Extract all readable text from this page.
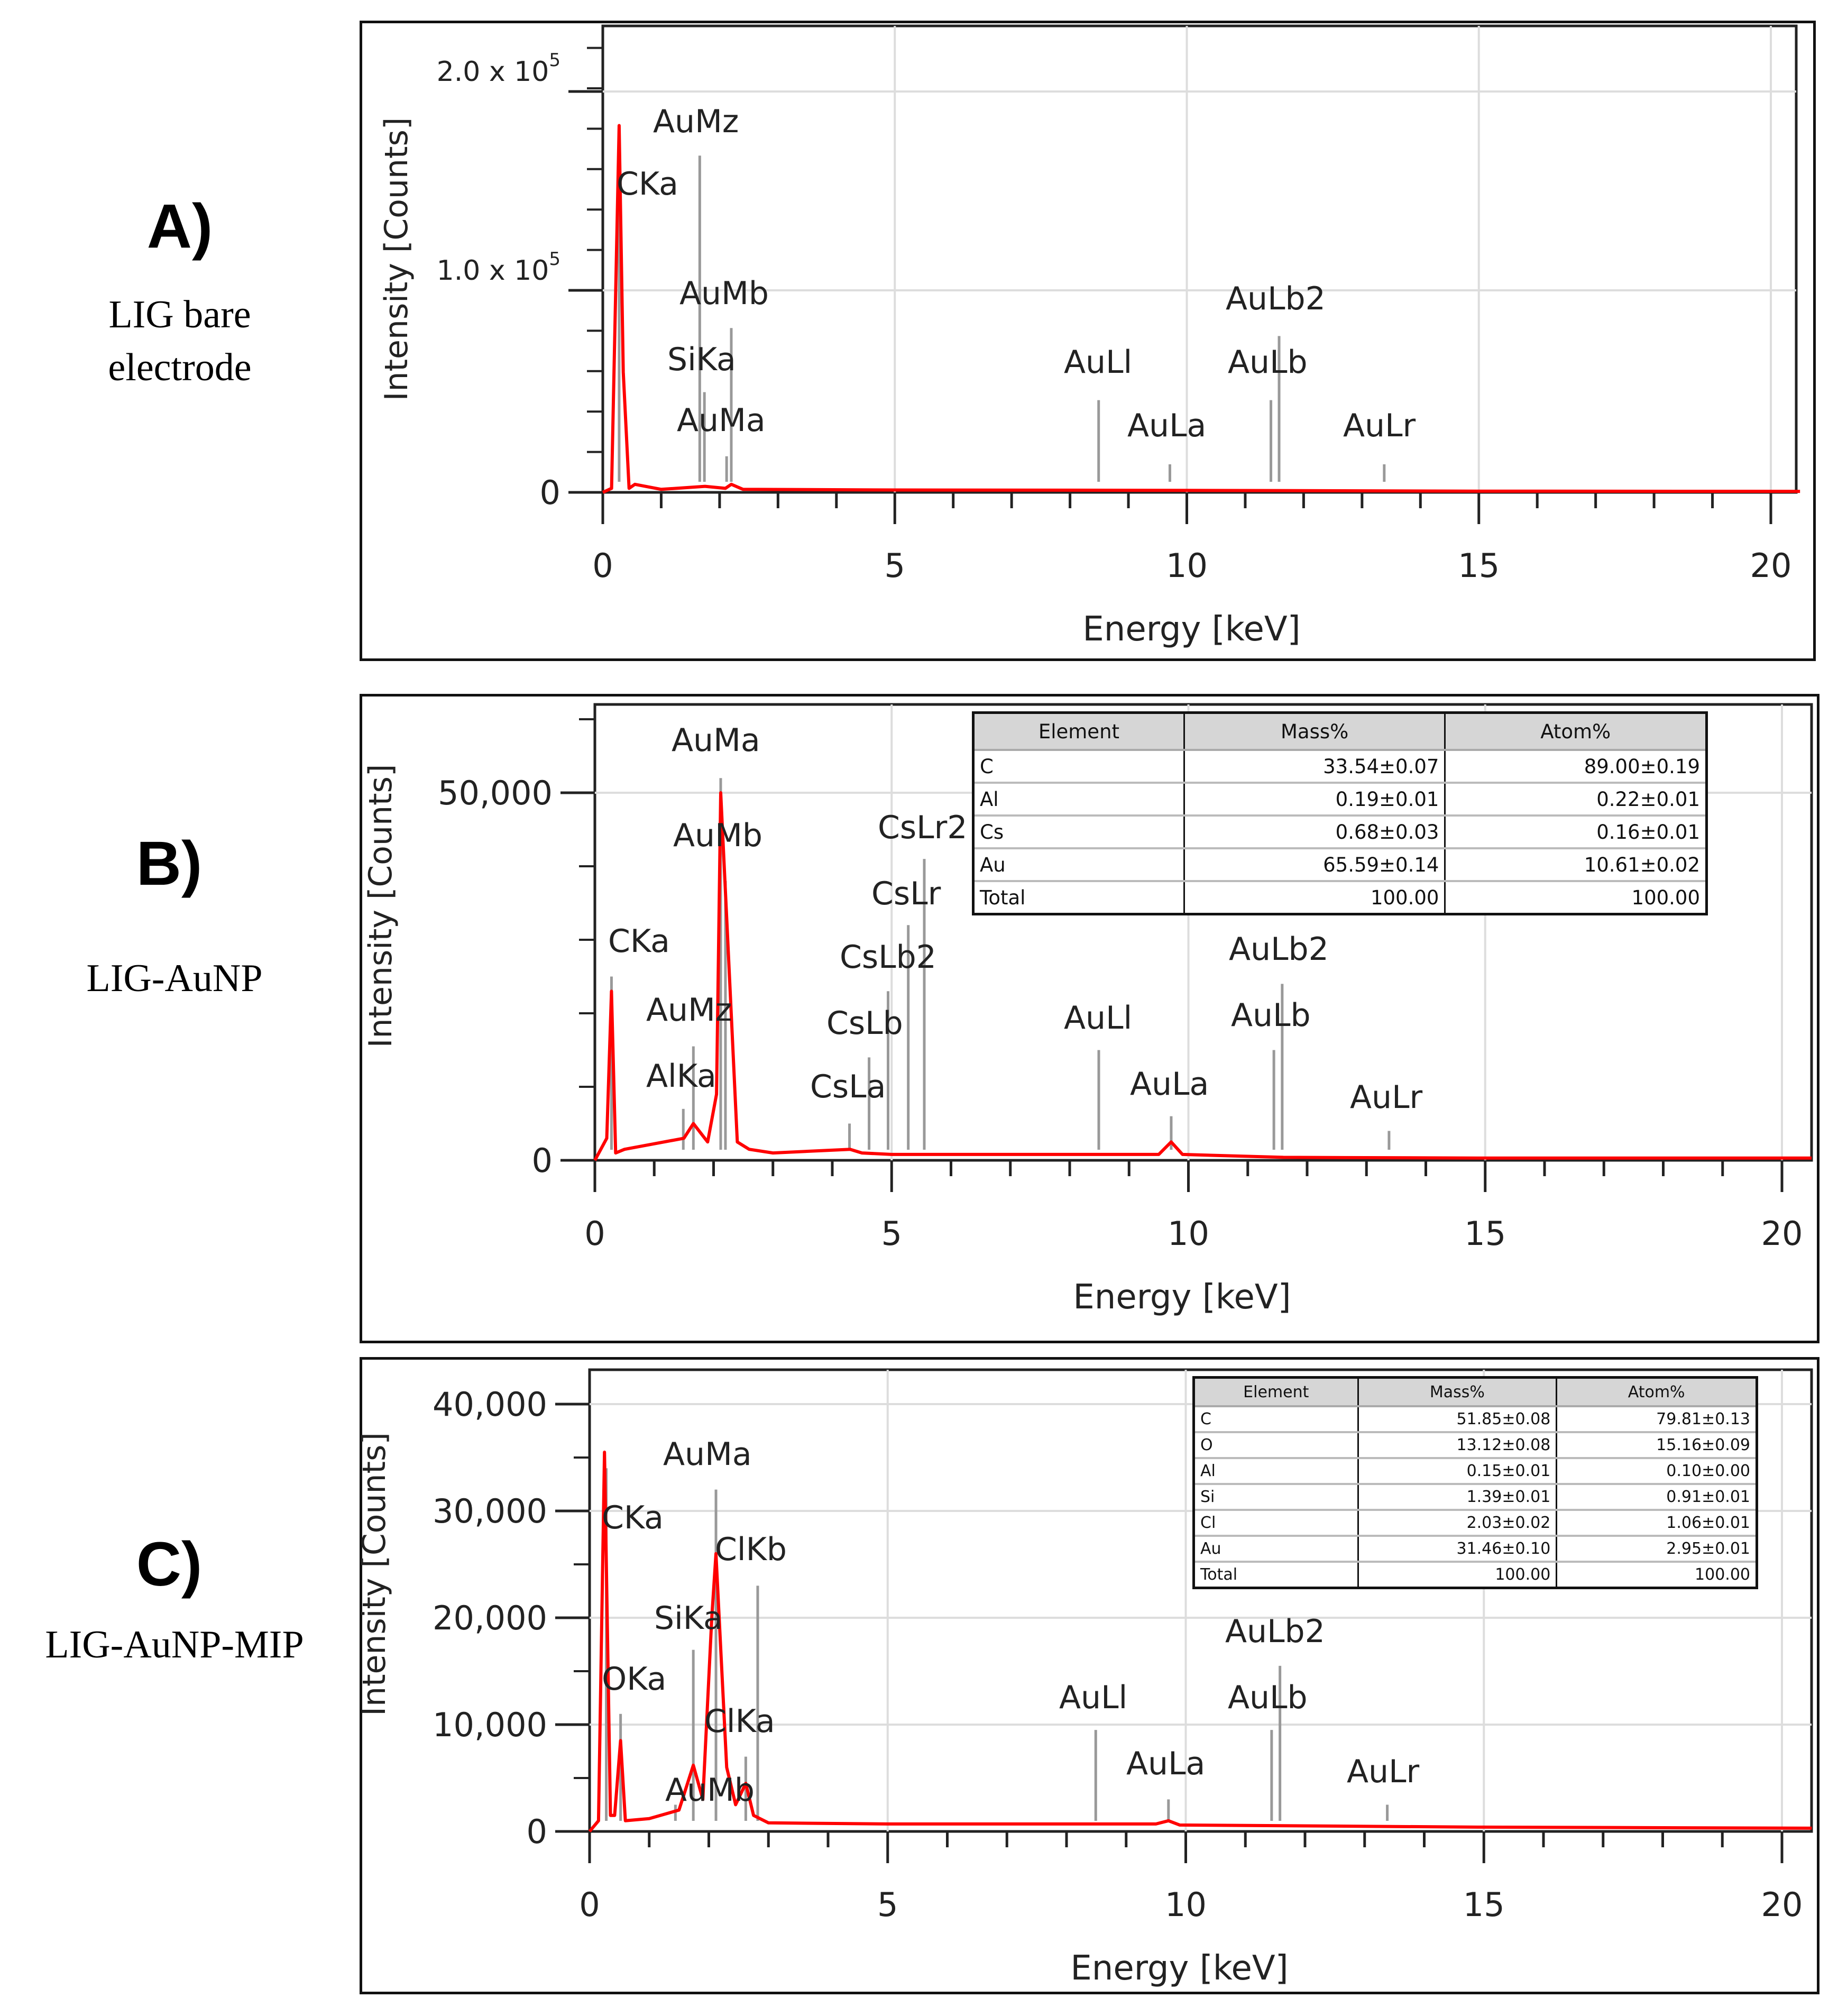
A)
LIG bare
electrode
B)
LIG-AuNP
C)
LIG-AuNP-MIP
0	5	10	15	20
0
1.0 x $10^5$
2.0 x $10^5$
Energy [keV]
Intensity [Counts]	CKa
AuMz
AuMb
SiKa
AuMa
AuLl
AuLa
AuLb2
AuLb
AuLr
0	5	10	15	20
0
50,000
Energy [keV]
Intensity [Counts]	CKa
AuMz
AlKa
AuMa
AuMb
CsLa
CsLb
CsLb2
CsLr
CsLr2
AuLl
AuLa
AuLb2
AuLb
AuLr
0	5	10	15	20
0
10,000
20,000
30,000
40,000
Energy [keV]
Intensity [Counts]	CKa
OKa
AuMa
ClKb
SiKa
ClKa
AuMb
AuLl
AuLa
AuLb2
AuLb
AuLr
Element	Mass%	Atom%
C	33.54±0.07	89.00±0.19
Al	0.19±0.01	0.22±0.01
Cs	0.68±0.03	0.16±0.01
Au	65.59±0.14	10.61±0.02
Total	100.00	100.00
Element	Mass%	Atom%
C	51.85±0.08	79.81±0.13
O	13.12±0.08	15.16±0.09
Al	0.15±0.01	0.10±0.00
Si	1.39±0.01	0.91±0.01
Cl	2.03±0.02	1.06±0.01
Au	31.46±0.10	2.95±0.01
Total	100.00	100.00
